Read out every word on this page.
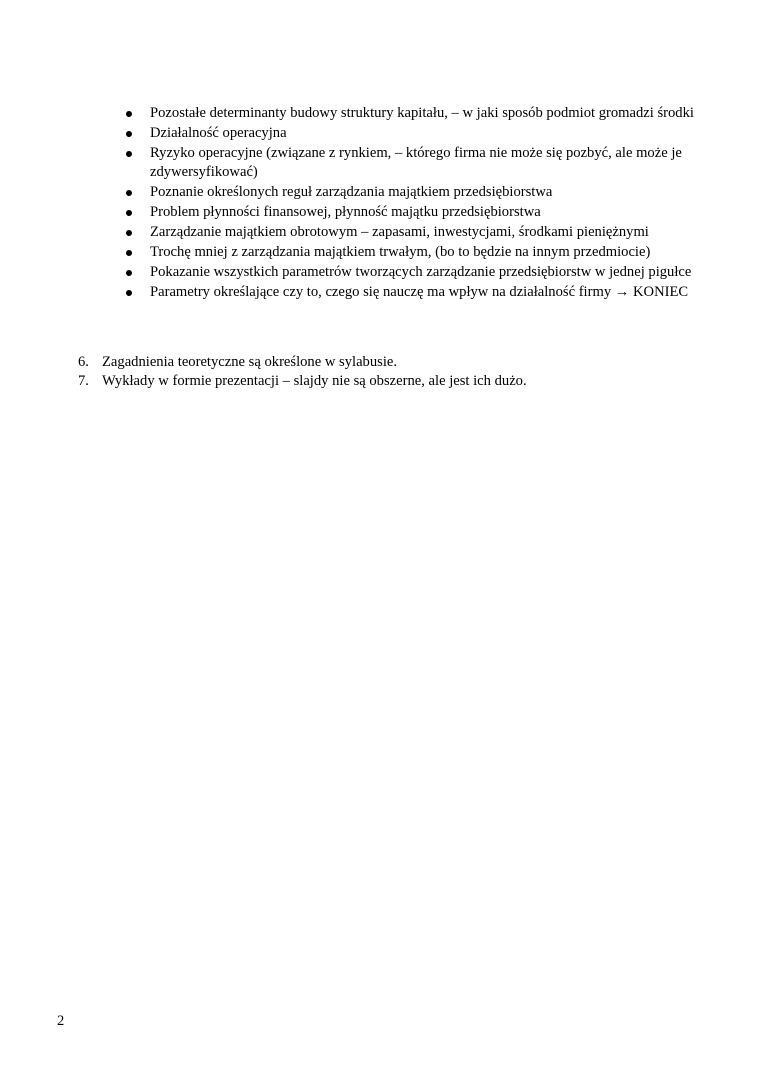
Pozostałe determinanty budowy struktury kapitału, – w jaki sposób podmiot gromadzi środki
Działalność operacyjna
Ryzyko operacyjne (związane z rynkiem, – którego firma nie może się pozbyć, ale może je zdywersyfikować)
Poznanie określonych reguł zarządzania majątkiem przedsiębiorstwa
Problem płynności finansowej, płynność majątku przedsiębiorstwa
Zarządzanie majątkiem obrotowym – zapasami, inwestycjami, środkami pieniężnymi
Trochę mniej z zarządzania majątkiem trwałym, (bo to będzie na innym przedmiocie)
Pokazanie wszystkich parametrów tworzących zarządzanie przedsiębiorstw w jednej pigułce
Parametry określające czy to, czego się nauczę ma wpływ na działalność firmy → KONIEC
6. Zagadnienia teoretyczne są określone w sylabusie.
7. Wykłady w formie prezentacji – slajdy nie są obszerne, ale jest ich dużo.
2
